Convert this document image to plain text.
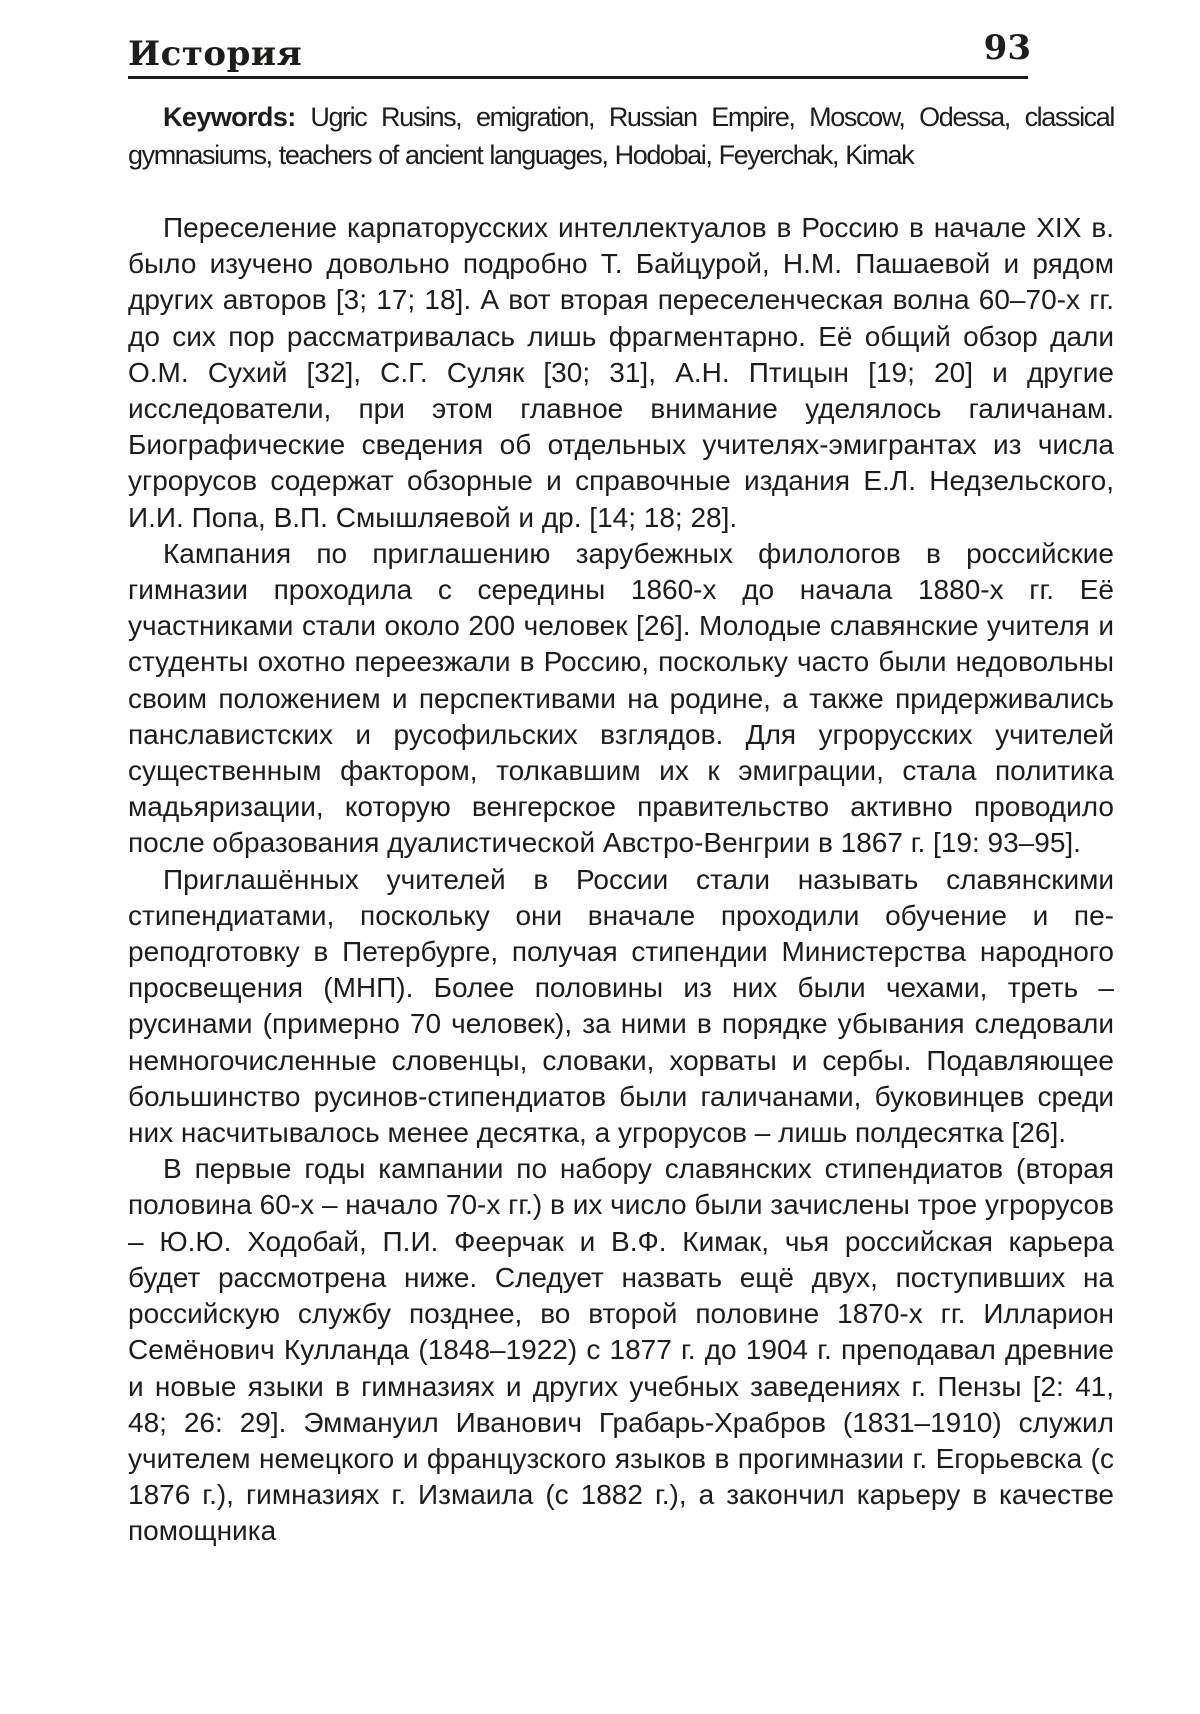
История	93
Keywords: Ugric Rusins, emigration, Russian Empire, Moscow, Odessa, classical gymnasiums, teachers of ancient languages, Hodobai, Feyerchak, Kimak

Переселение карпаторусских интеллектуалов в Россию в начале XIX в. было изучено довольно подробно Т. Байцурой, Н.М. Пашаевой и рядом других авторов [3; 17; 18]. А вот вторая переселенческая волна 60–70-х гг. до сих пор рассматривалась лишь фрагментарно. Её общий обзор дали О.М. Сухий [32], С.Г. Суляк [30; 31], А.Н. Птицын [19; 20] и другие исследователи, при этом главное внимание уделялось галичанам. Биографические сведения об отдельных учителях-эмигрантах из числа угрорусов содержат обзорные и справочные издания Е.Л. Недзельского, И.И. Попа, В.П. Смышляевой и др. [14; 18; 28].

Кампания по приглашению зарубежных филологов в российские гимназии проходила с середины 1860-х до начала 1880-х гг. Её участниками стали около 200 человек [26]. Молодые славянские учителя и студенты охотно переезжали в Россию, поскольку часто были недовольны своим положением и перспективами на родине, а также придерживались панславистских и русофильских взглядов. Для угрорусских учителей существенным фактором, толкавшим их к эмиграции, стала политика мадьяризации, которую венгерское правительство активно проводило после образования дуалистической Австро-Венгрии в 1867 г. [19: 93–95].

Приглашённых учителей в России стали называть славянскими стипендиатами, поскольку они вначале проходили обучение и переподготовку в Петербурге, получая стипендии Министерства народного просвещения (МНП). Более половины из них были чехами, треть – русинами (примерно 70 человек), за ними в порядке убывания следовали немногочисленные словенцы, словаки, хорваты и сербы. Подавляющее большинство русинов-стипендиатов были галичанами, буковинцев среди них насчитывалось менее десятка, а угрорусов – лишь полдесятка [26].

В первые годы кампании по набору славянских стипендиатов (вторая половина 60-х – начало 70-х гг.) в их число были зачислены трое угрорусов – Ю.Ю. Ходобай, П.И. Феерчак и В.Ф. Кимак, чья российская карьера будет рассмотрена ниже. Следует назвать ещё двух, поступивших на российскую службу позднее, во второй половине 1870-х гг. Илларион Семёнович Кулланда (1848–1922) с 1877 г. до 1904 г. преподавал древние и новые языки в гимназиях и других учебных заведениях г. Пензы [2: 41, 48; 26: 29]. Эммануил Иванович Грабарь-Храбров (1831–1910) служил учителем немецкого и французского языков в прогимназии г. Егорьевска (с 1876 г.), гимназиях г. Измаила (с 1882 г.), а закончил карьеру в качестве помощника
